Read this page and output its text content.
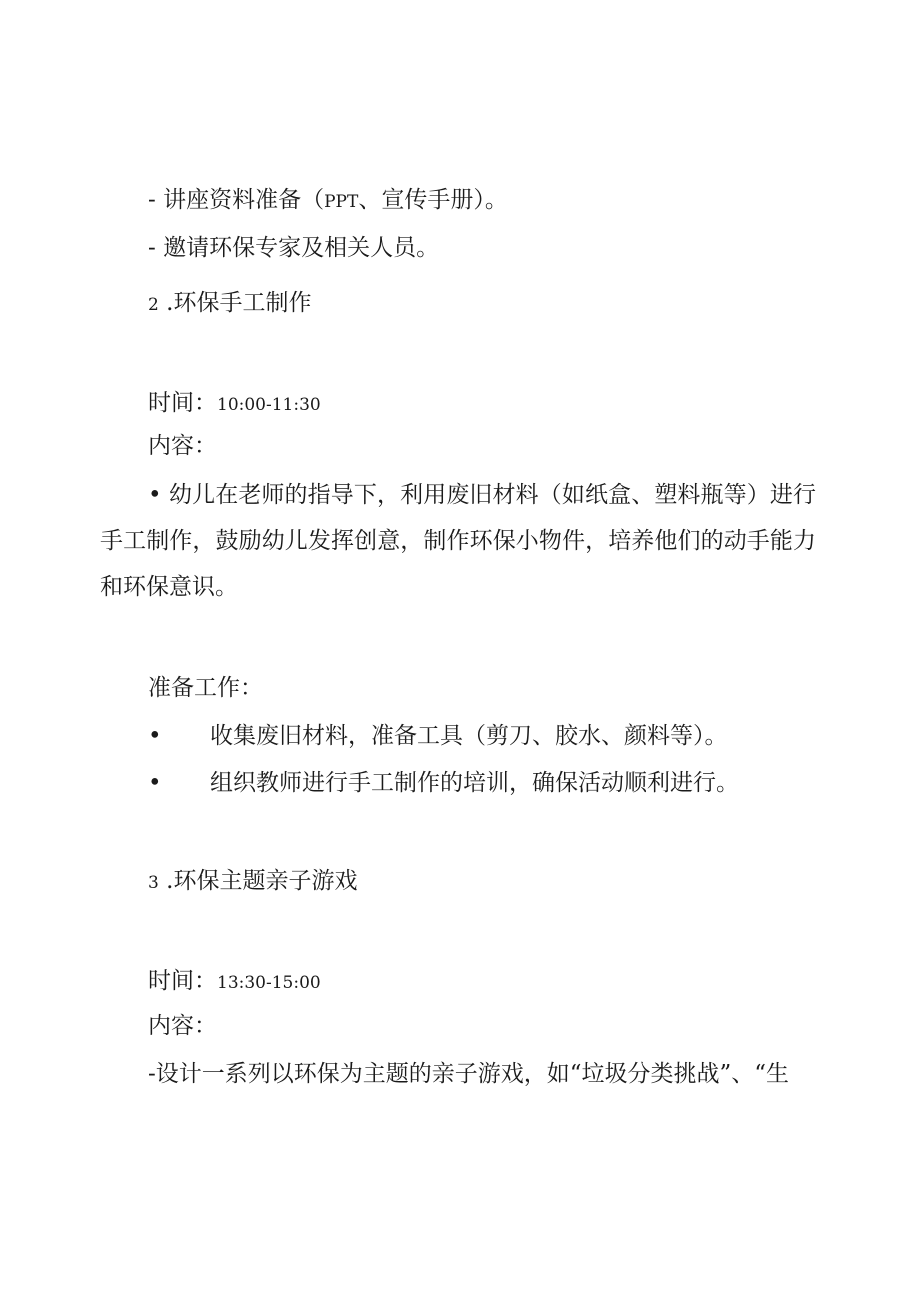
- 讲座资料准备（PPT、宣传手册）。
- 邀请环保专家及相关人员。
2 .环保手工制作
时间：10:00-11:30
内容：
• 幼儿在老师的指导下，利用废旧材料（如纸盒、塑料瓶等）进行手工制作，鼓励幼儿发挥创意，制作环保小物件，培养他们的动手能力和环保意识。
准备工作：
• 收集废旧材料，准备工具（剪刀、胶水、颜料等）。
• 组织教师进行手工制作的培训，确保活动顺利进行。
3 .环保主题亲子游戏
时间：13:30-15:00
内容：
-设计一系列以环保为主题的亲子游戏，如“垃圾分类挑战”、“生
